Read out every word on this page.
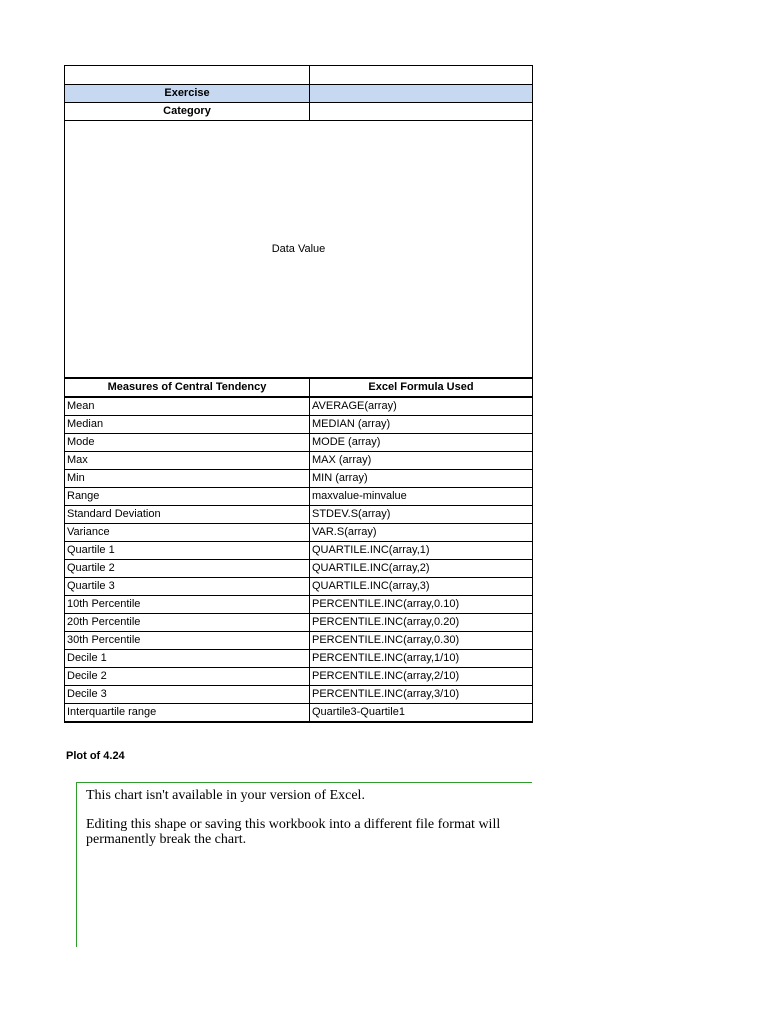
Exercise	
Category	
Data Value	
Measures of Central Tendency	Excel Formula Used
Mean	AVERAGE(array)
Median	MEDIAN (array)
Mode	MODE (array)
Max	MAX (array)
Min	MIN (array)
Range	maxvalue-minvalue
Standard Deviation	STDEV.S(array)
Variance	VAR.S(array)
Quartile 1	QUARTILE.INC(array,1)
Quartile 2	QUARTILE.INC(array,2)
Quartile 3	QUARTILE.INC(array,3)
10th Percentile	PERCENTILE.INC(array,0.10)
20th Percentile	PERCENTILE.INC(array,0.20)
30th Percentile	PERCENTILE.INC(array,0.30)
Decile 1	PERCENTILE.INC(array,1/10)
Decile 2	PERCENTILE.INC(array,2/10)
Decile 3	PERCENTILE.INC(array,3/10)
Interquartile range	Quartile3-Quartile1
Plot of 4.24

This chart isn't available in your version of Excel.

Editing this shape or saving this workbook into a different file format will permanently break the chart.
